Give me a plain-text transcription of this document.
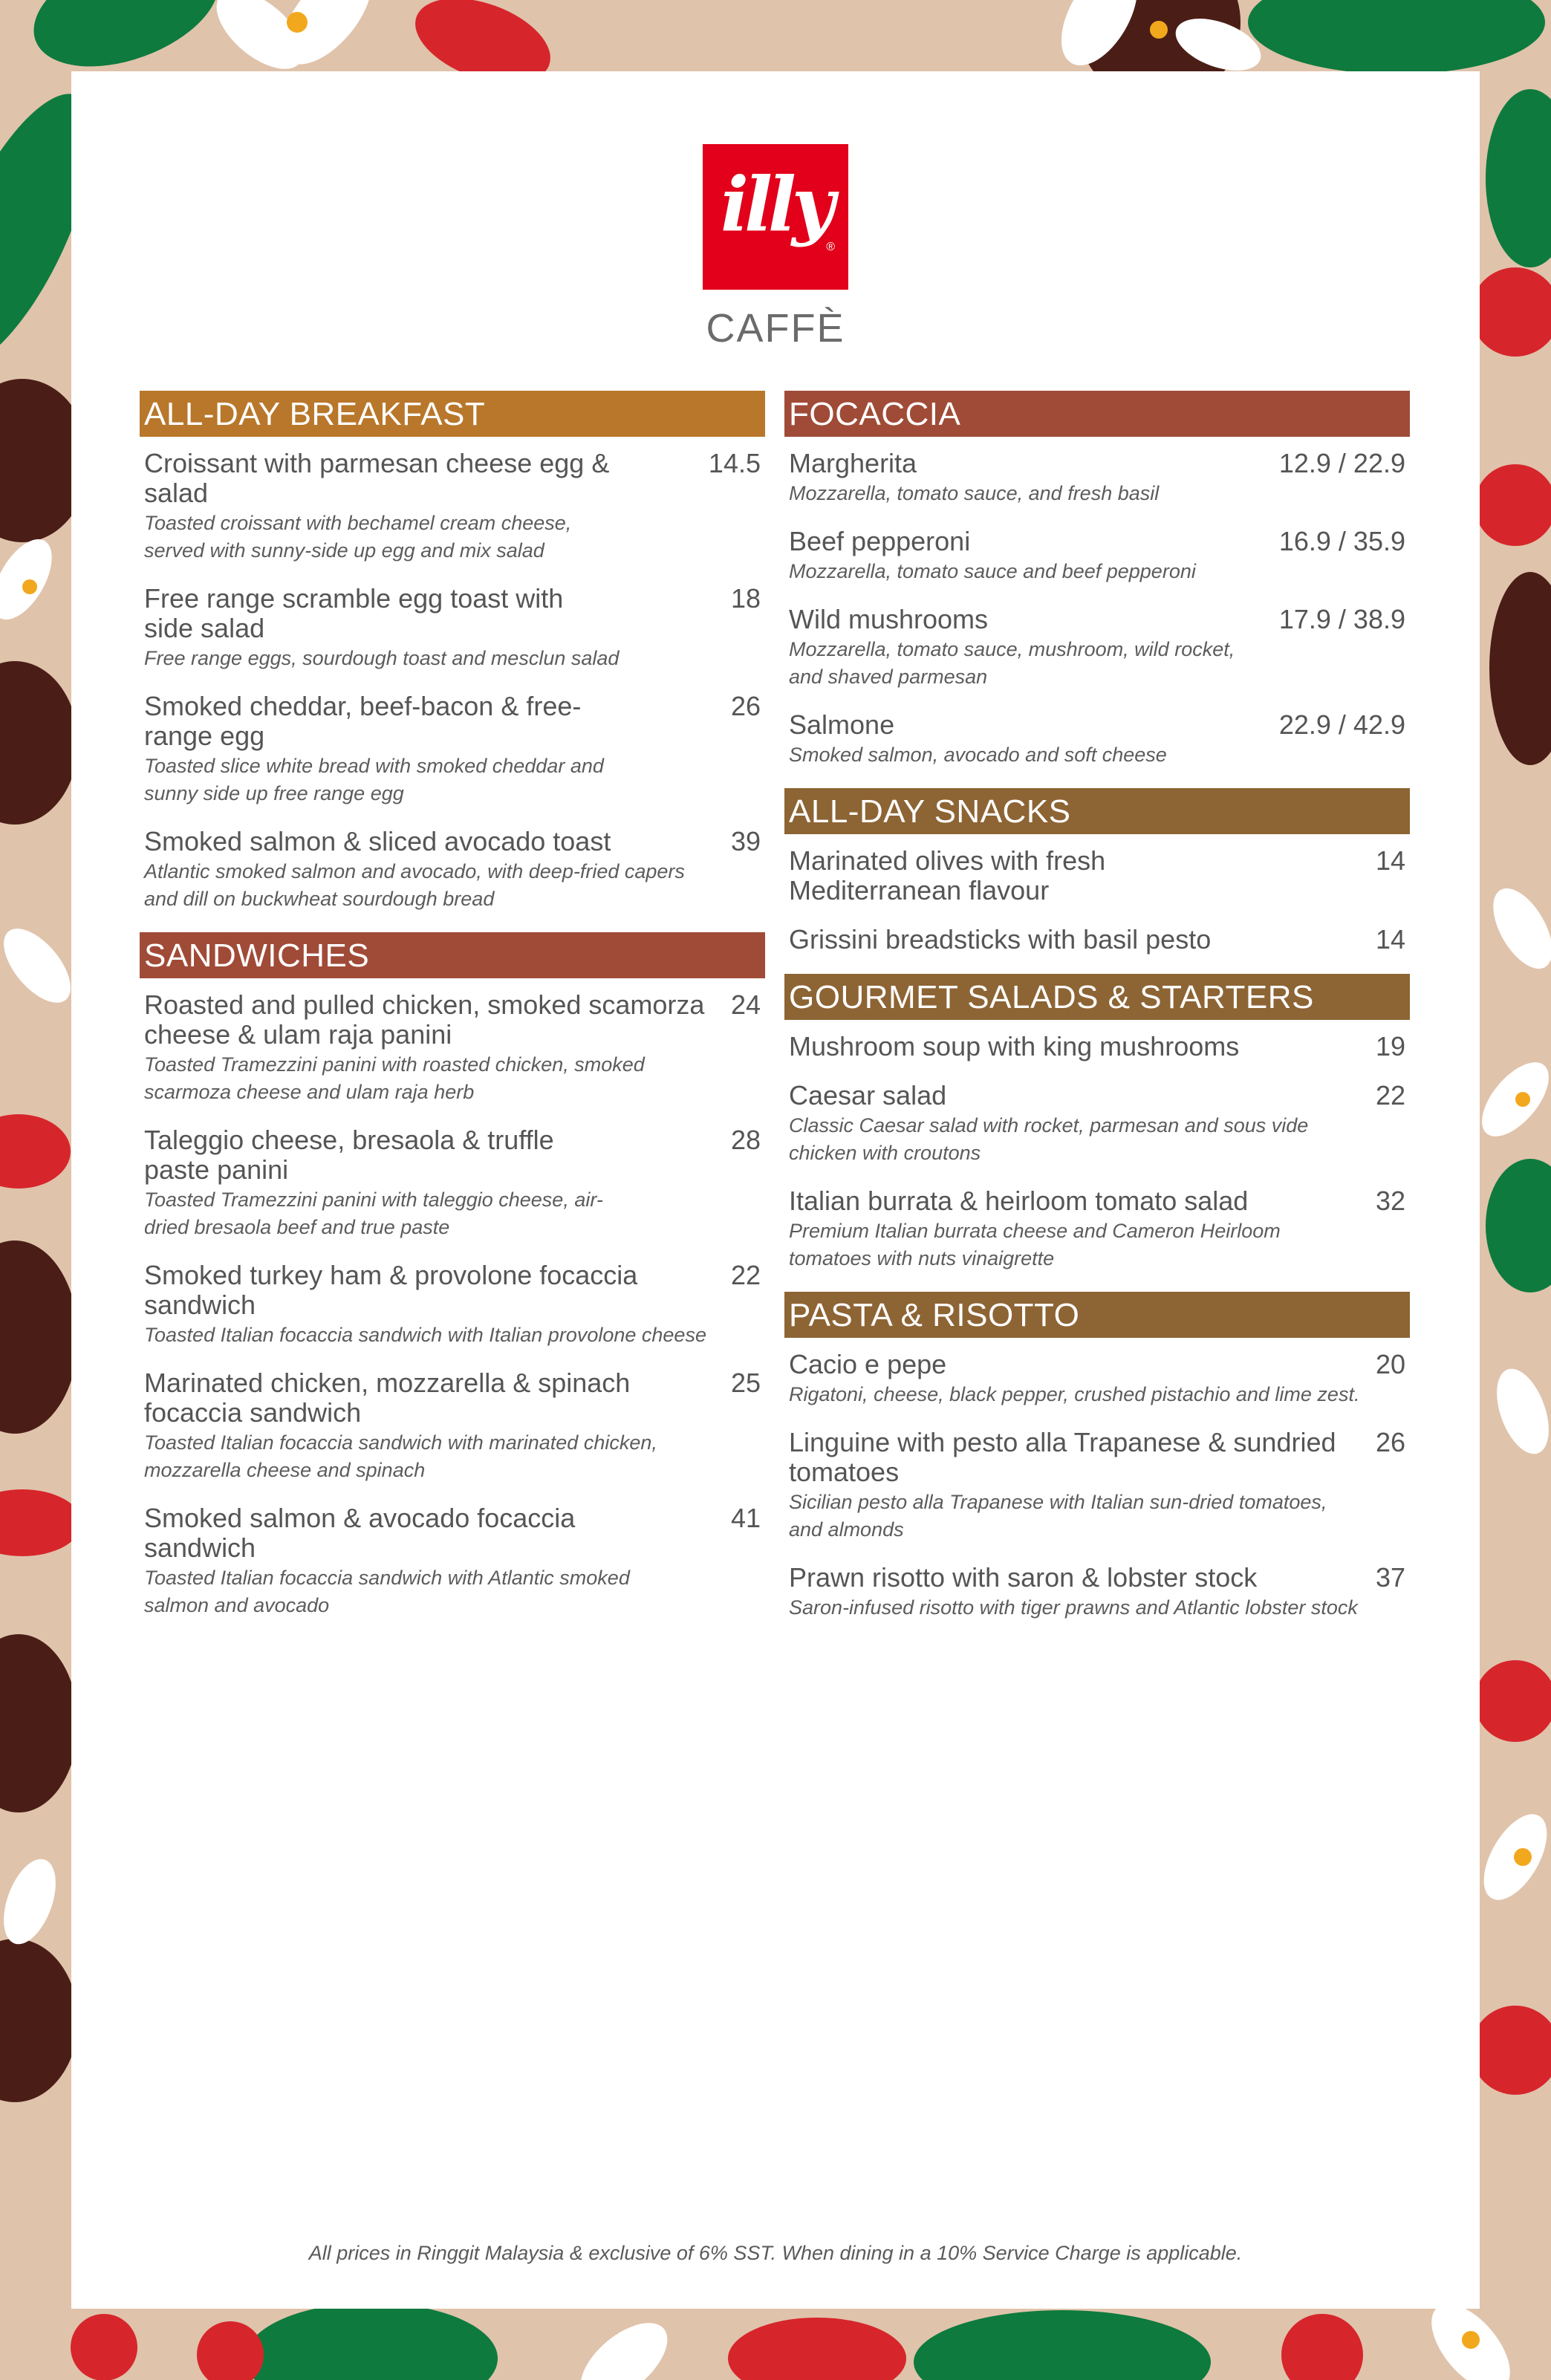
illy
®
CAFFÈ
ALL-DAY BREAKFAST
Croissant with parmesan cheese egg & salad
Toasted croissant with bechamel cream cheese, served with sunny-side up egg and mix salad
14.5
Free range scramble egg toast with side salad
Free range eggs, sourdough toast and mesclun salad
18
Smoked cheddar, beef-bacon & free-range egg
Toasted slice white bread with smoked cheddar and sunny side up free range egg
26
Smoked salmon & sliced avocado toast
Atlantic smoked salmon and avocado, with deep-fried capers and dill on buckwheat sourdough bread
39
SANDWICHES
Roasted and pulled chicken, smoked scamorza cheese & ulam raja panini
Toasted Tramezzini panini with roasted chicken, smoked scarmoza cheese and ulam raja herb
24
Taleggio cheese, bresaola & truffle paste panini
Toasted Tramezzini panini with taleggio cheese, air-dried bresaola beef and true paste
28
Smoked turkey ham & provolone focaccia sandwich
Toasted Italian focaccia sandwich with Italian provolone cheese
22
Marinated chicken, mozzarella & spinach focaccia sandwich
Toasted Italian focaccia sandwich with marinated chicken, mozzarella cheese and spinach
25
Smoked salmon & avocado focaccia sandwich
Toasted Italian focaccia sandwich with Atlantic smoked salmon and avocado
41
FOCACCIA
Margherita
Mozzarella, tomato sauce, and fresh basil
12.9 / 22.9
Beef pepperoni
Mozzarella, tomato sauce and beef pepperoni
16.9 / 35.9
Wild mushrooms
Mozzarella, tomato sauce, mushroom, wild rocket, and shaved parmesan
17.9 / 38.9
Salmone
Smoked salmon, avocado and soft cheese
22.9 / 42.9
ALL-DAY SNACKS
Marinated olives with fresh Mediterranean flavour
14
Grissini breadsticks with basil pesto	14
GOURMET SALADS & STARTERS
Mushroom soup with king mushrooms	19
Caesar salad
Classic Caesar salad with rocket, parmesan and sous vide chicken with croutons
22
Italian burrata & heirloom tomato salad
Premium Italian burrata cheese and Cameron Heirloom tomatoes with nuts vinaigrette
32
PASTA & RISOTTO
Cacio e pepe
Rigatoni, cheese, black pepper, crushed pistachio and lime zest.
20
Linguine with pesto alla Trapanese & sundried tomatoes
Sicilian pesto alla Trapanese with Italian sun-dried tomatoes, and almonds
26
Prawn risotto with saron & lobster stock
Saron-infused risotto with tiger prawns and Atlantic lobster stock
37
All prices in Ringgit Malaysia & exclusive of 6% SST. When dining in a 10% Service Charge is applicable.
